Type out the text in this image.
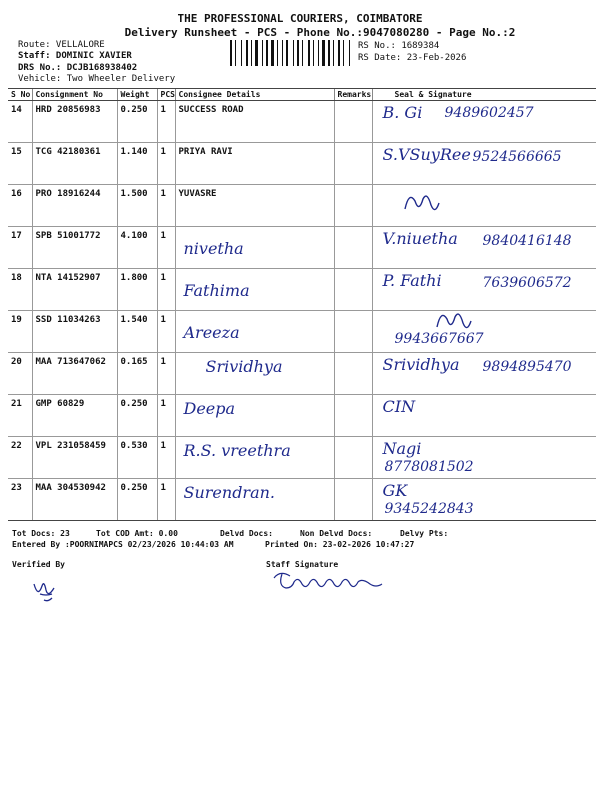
THE PROFESSIONAL COURIERS, COIMBATORE
Delivery Runsheet - PCS - Phone No.:9047080280 - Page No.:2
Route: VELLALORE
Staff: DOMINIC XAVIER
DRS No.: DCJB168938402
Vehicle: Two Wheeler Delivery
RS No.: 1689384
RS Date: 23-Feb-2026
S No	Consignment No	Weight	PCS	Consignee Details	Remarks	Seal & Signature
14	HRD 20856983	0.250	1	SUCCESS ROAD		B. Gi 9489602457

15	TCG 42180361	1.140	1	PRIYA RAVI		S.VSuyRee 9524566665

16	PRO 18916244	1.500	1	YUVASRE		

17	SPB 51001772	4.100	1	nivetha		V.niuetha 9840416148

18	NTA 14152907	1.800	1	Fathima		P. Fathi 7639606572

19	SSD 11034263	1.540	1	Areeza		9943667667

20	MAA 713647062	0.165	1	Srividhya		Srividhya 9894895470

21	GMP 60829	0.250	1	Deepa		CIN

22	VPL 231058459	0.530	1	R.S. vreethra		Nagi
8778081502

23	MAA 304530942	0.250	1	Surendran.		GK
9345242843
Tot Docs: 23	Tot COD Amt: 0.00	Delvd Docs:	Non Delvd Docs:	Delvy Pts:
Entered By :POORNIMAPCS 02/23/2026 10:44:03 AM	Printed On: 23-02-2026 10:47:27
Verified By	Staff Signature
